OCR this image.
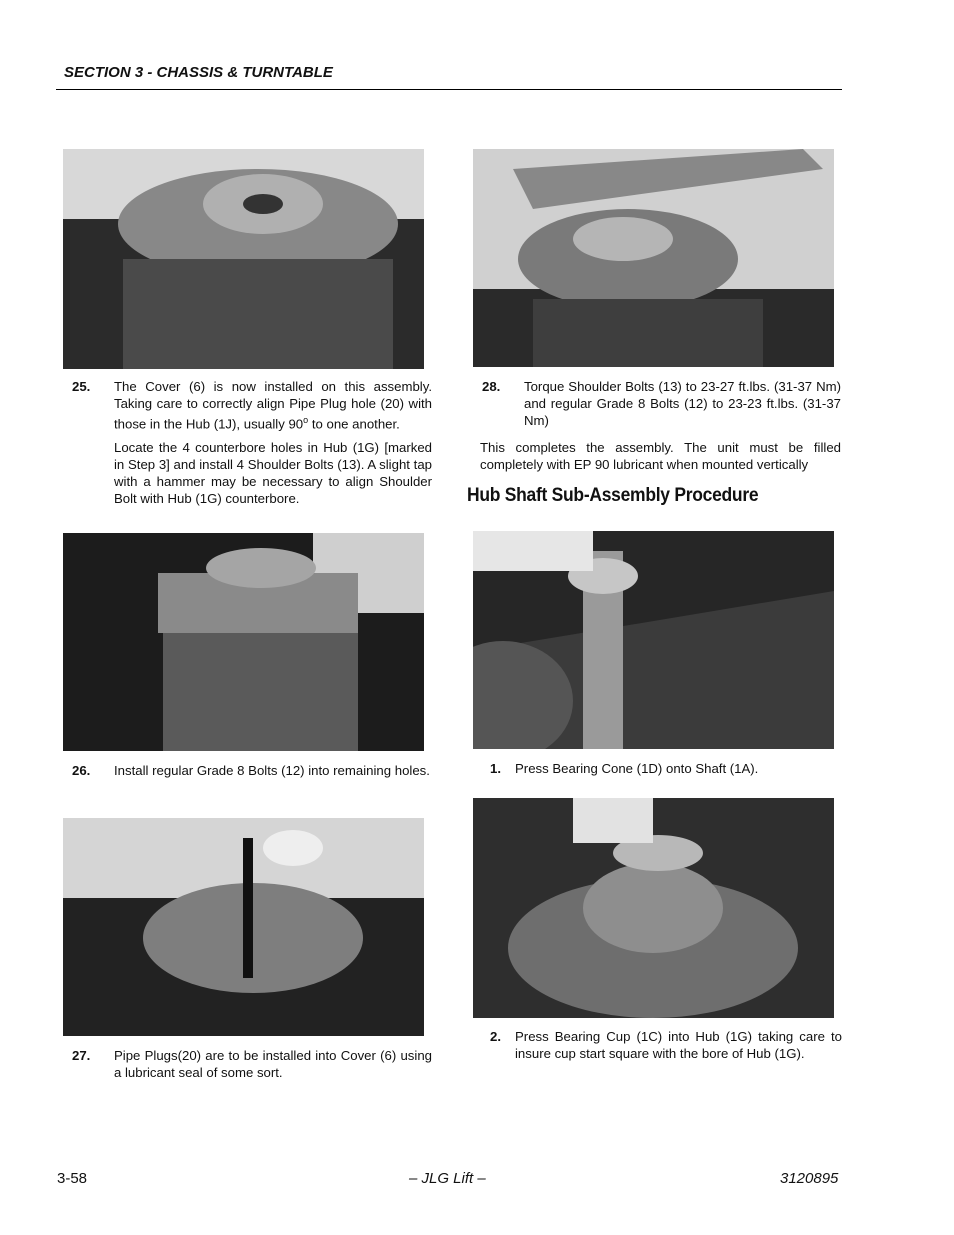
SECTION 3 - CHASSIS & TURNTABLE
25. The Cover (6) is now installed on this assembly. Taking care to correctly align Pipe Plug hole (20) with those in the Hub (1J), usually 90$^o$ to one another.
Locate the 4 counterbore holes in Hub (1G) [marked in Step 3] and install 4 Shoulder Bolts (13). A slight tap with a hammer may be necessary to align Shoulder Bolt with Hub (1G) counterbore.
26. Install regular Grade 8 Bolts (12) into remaining holes.
27. Pipe Plugs(20) are to be installed into Cover (6) using a lubricant seal of some sort.
28. Torque Shoulder Bolts (13) to 23-27 ft.lbs. (31-37 Nm) and regular Grade 8 Bolts (12) to 23-23 ft.lbs. (31-37 Nm)
This completes the assembly. The unit must be filled completely with EP 90 lubricant when mounted vertically
Hub Shaft Sub-Assembly Procedure
1. Press Bearing Cone (1D) onto Shaft (1A).
2. Press Bearing Cup (1C) into Hub (1G) taking care to insure cup start square with the bore of Hub (1G).
3-58	– JLG Lift –	3120895
